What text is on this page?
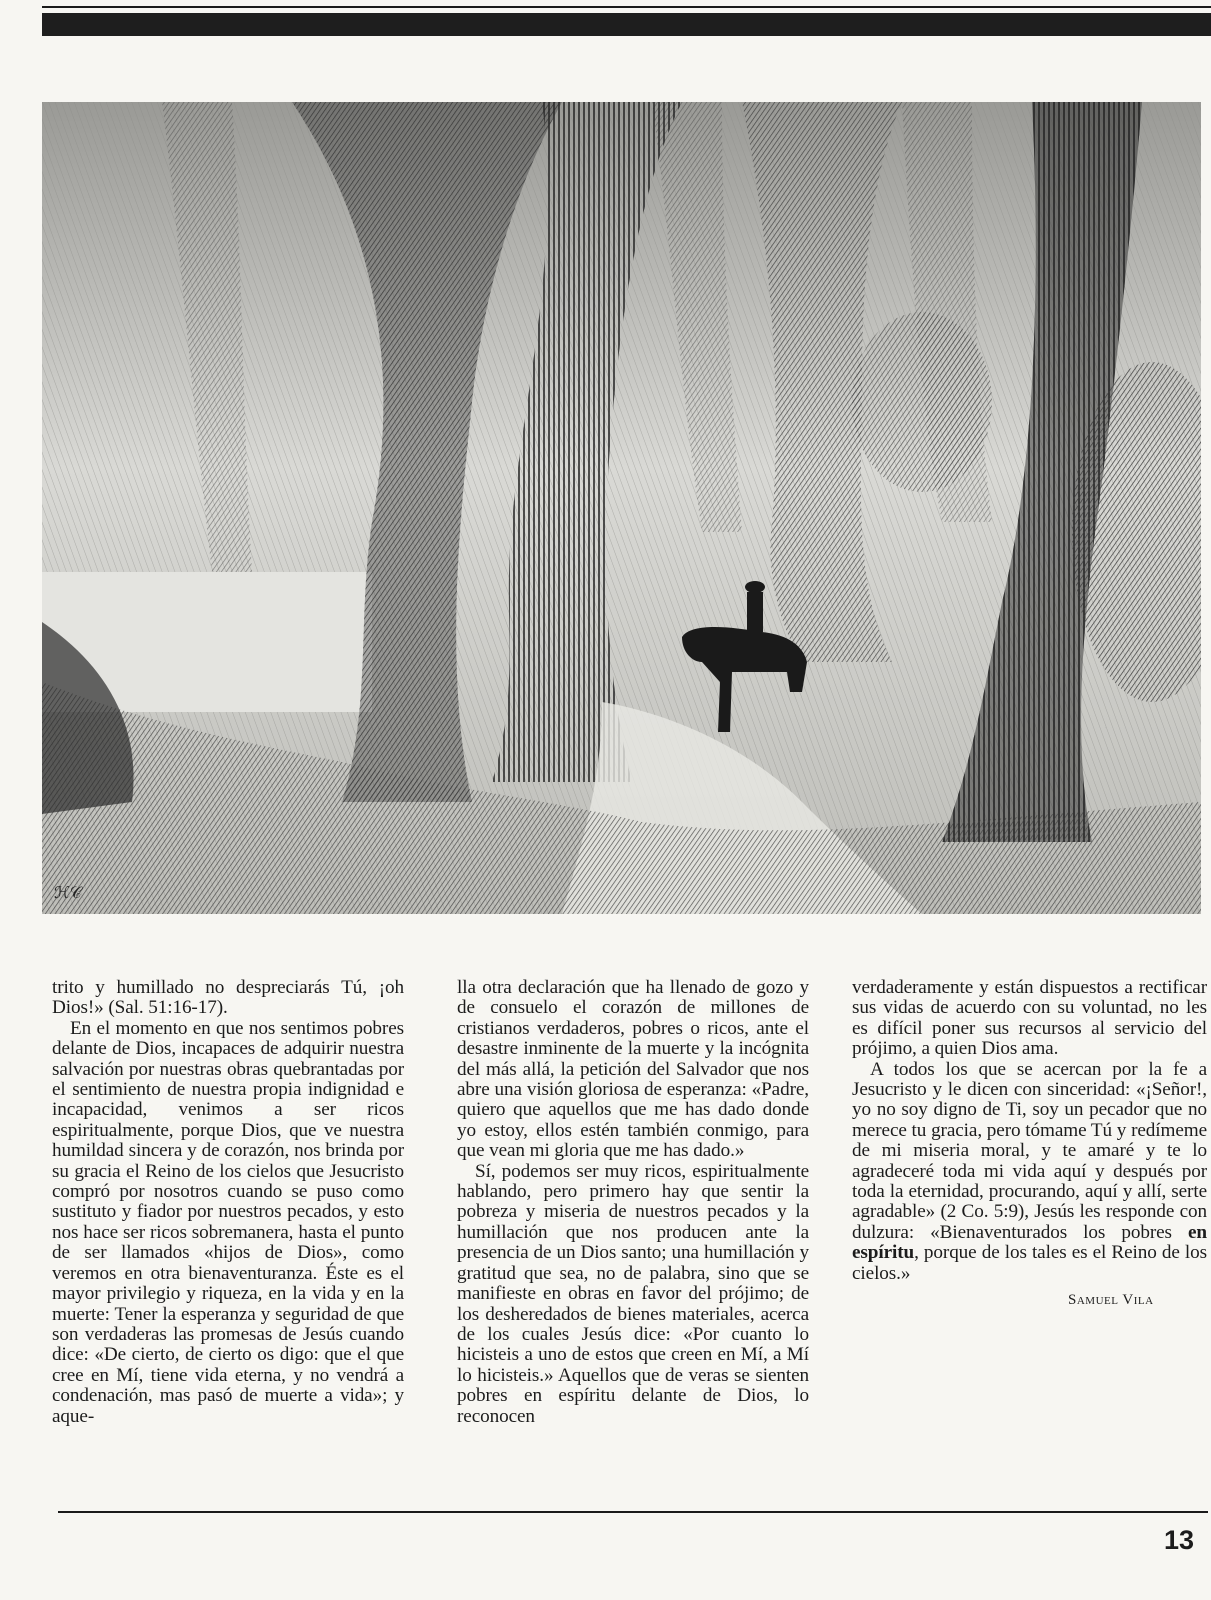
ℋ𝒞

trito y humillado no despreciarás Tú, ¡oh Dios!» (Sal. 51:16-17).

En el momento en que nos sentimos pobres delante de Dios, incapaces de adquirir nuestra salvación por nuestras obras quebrantadas por el sentimiento de nuestra propia indignidad e incapacidad, venimos a ser ricos espiritualmente, porque Dios, que ve nuestra humildad sincera y de corazón, nos brinda por su gracia el Reino de los cielos que Jesucristo compró por nosotros cuando se puso como sustituto y fiador por nuestros pecados, y esto nos hace ser ricos sobremanera, hasta el punto de ser llamados «hijos de Dios», como veremos en otra bienaventuranza. Éste es el mayor privilegio y riqueza, en la vida y en la muerte: Tener la esperanza y seguridad de que son verdaderas las promesas de Jesús cuando dice: «De cierto, de cierto os digo: que el que cree en Mí, tiene vida eterna, y no vendrá a condenación, mas pasó de muerte a vida»; y aque-

lla otra declaración que ha llenado de gozo y de consuelo el corazón de millones de cristianos verdaderos, pobres o ricos, ante el desastre inminente de la muerte y la incógnita del más allá, la petición del Salvador que nos abre una visión gloriosa de esperanza: «Padre, quiero que aquellos que me has dado donde yo estoy, ellos estén también conmigo, para que vean mi gloria que me has dado.»

Sí, podemos ser muy ricos, espiritualmente hablando, pero primero hay que sentir la pobreza y miseria de nuestros pecados y la humillación que nos producen ante la presencia de un Dios santo; una humillación y gratitud que sea, no de palabra, sino que se manifieste en obras en favor del prójimo; de los desheredados de bienes materiales, acerca de los cuales Jesús dice: «Por cuanto lo hicisteis a uno de estos que creen en Mí, a Mí lo hicisteis.» Aquellos que de veras se sienten pobres en espíritu delante de Dios, lo reconocen

verdaderamente y están dispuestos a rectificar sus vidas de acuerdo con su voluntad, no les es difícil poner sus recursos al servicio del prójimo, a quien Dios ama.

A todos los que se acercan por la fe a Jesucristo y le dicen con sinceridad: «¡Señor!, yo no soy digno de Ti, soy un pecador que no merece tu gracia, pero tómame Tú y redímeme de mi miseria moral, y te amaré y te lo agradeceré toda mi vida aquí y después por toda la eternidad, procurando, aquí y allí, serte agradable» (2 Co. 5:9), Jesús les responde con dulzura: «Bienaventurados los pobres en espíritu, porque de los tales es el Reino de los cielos.»

Samuel Vila
13
